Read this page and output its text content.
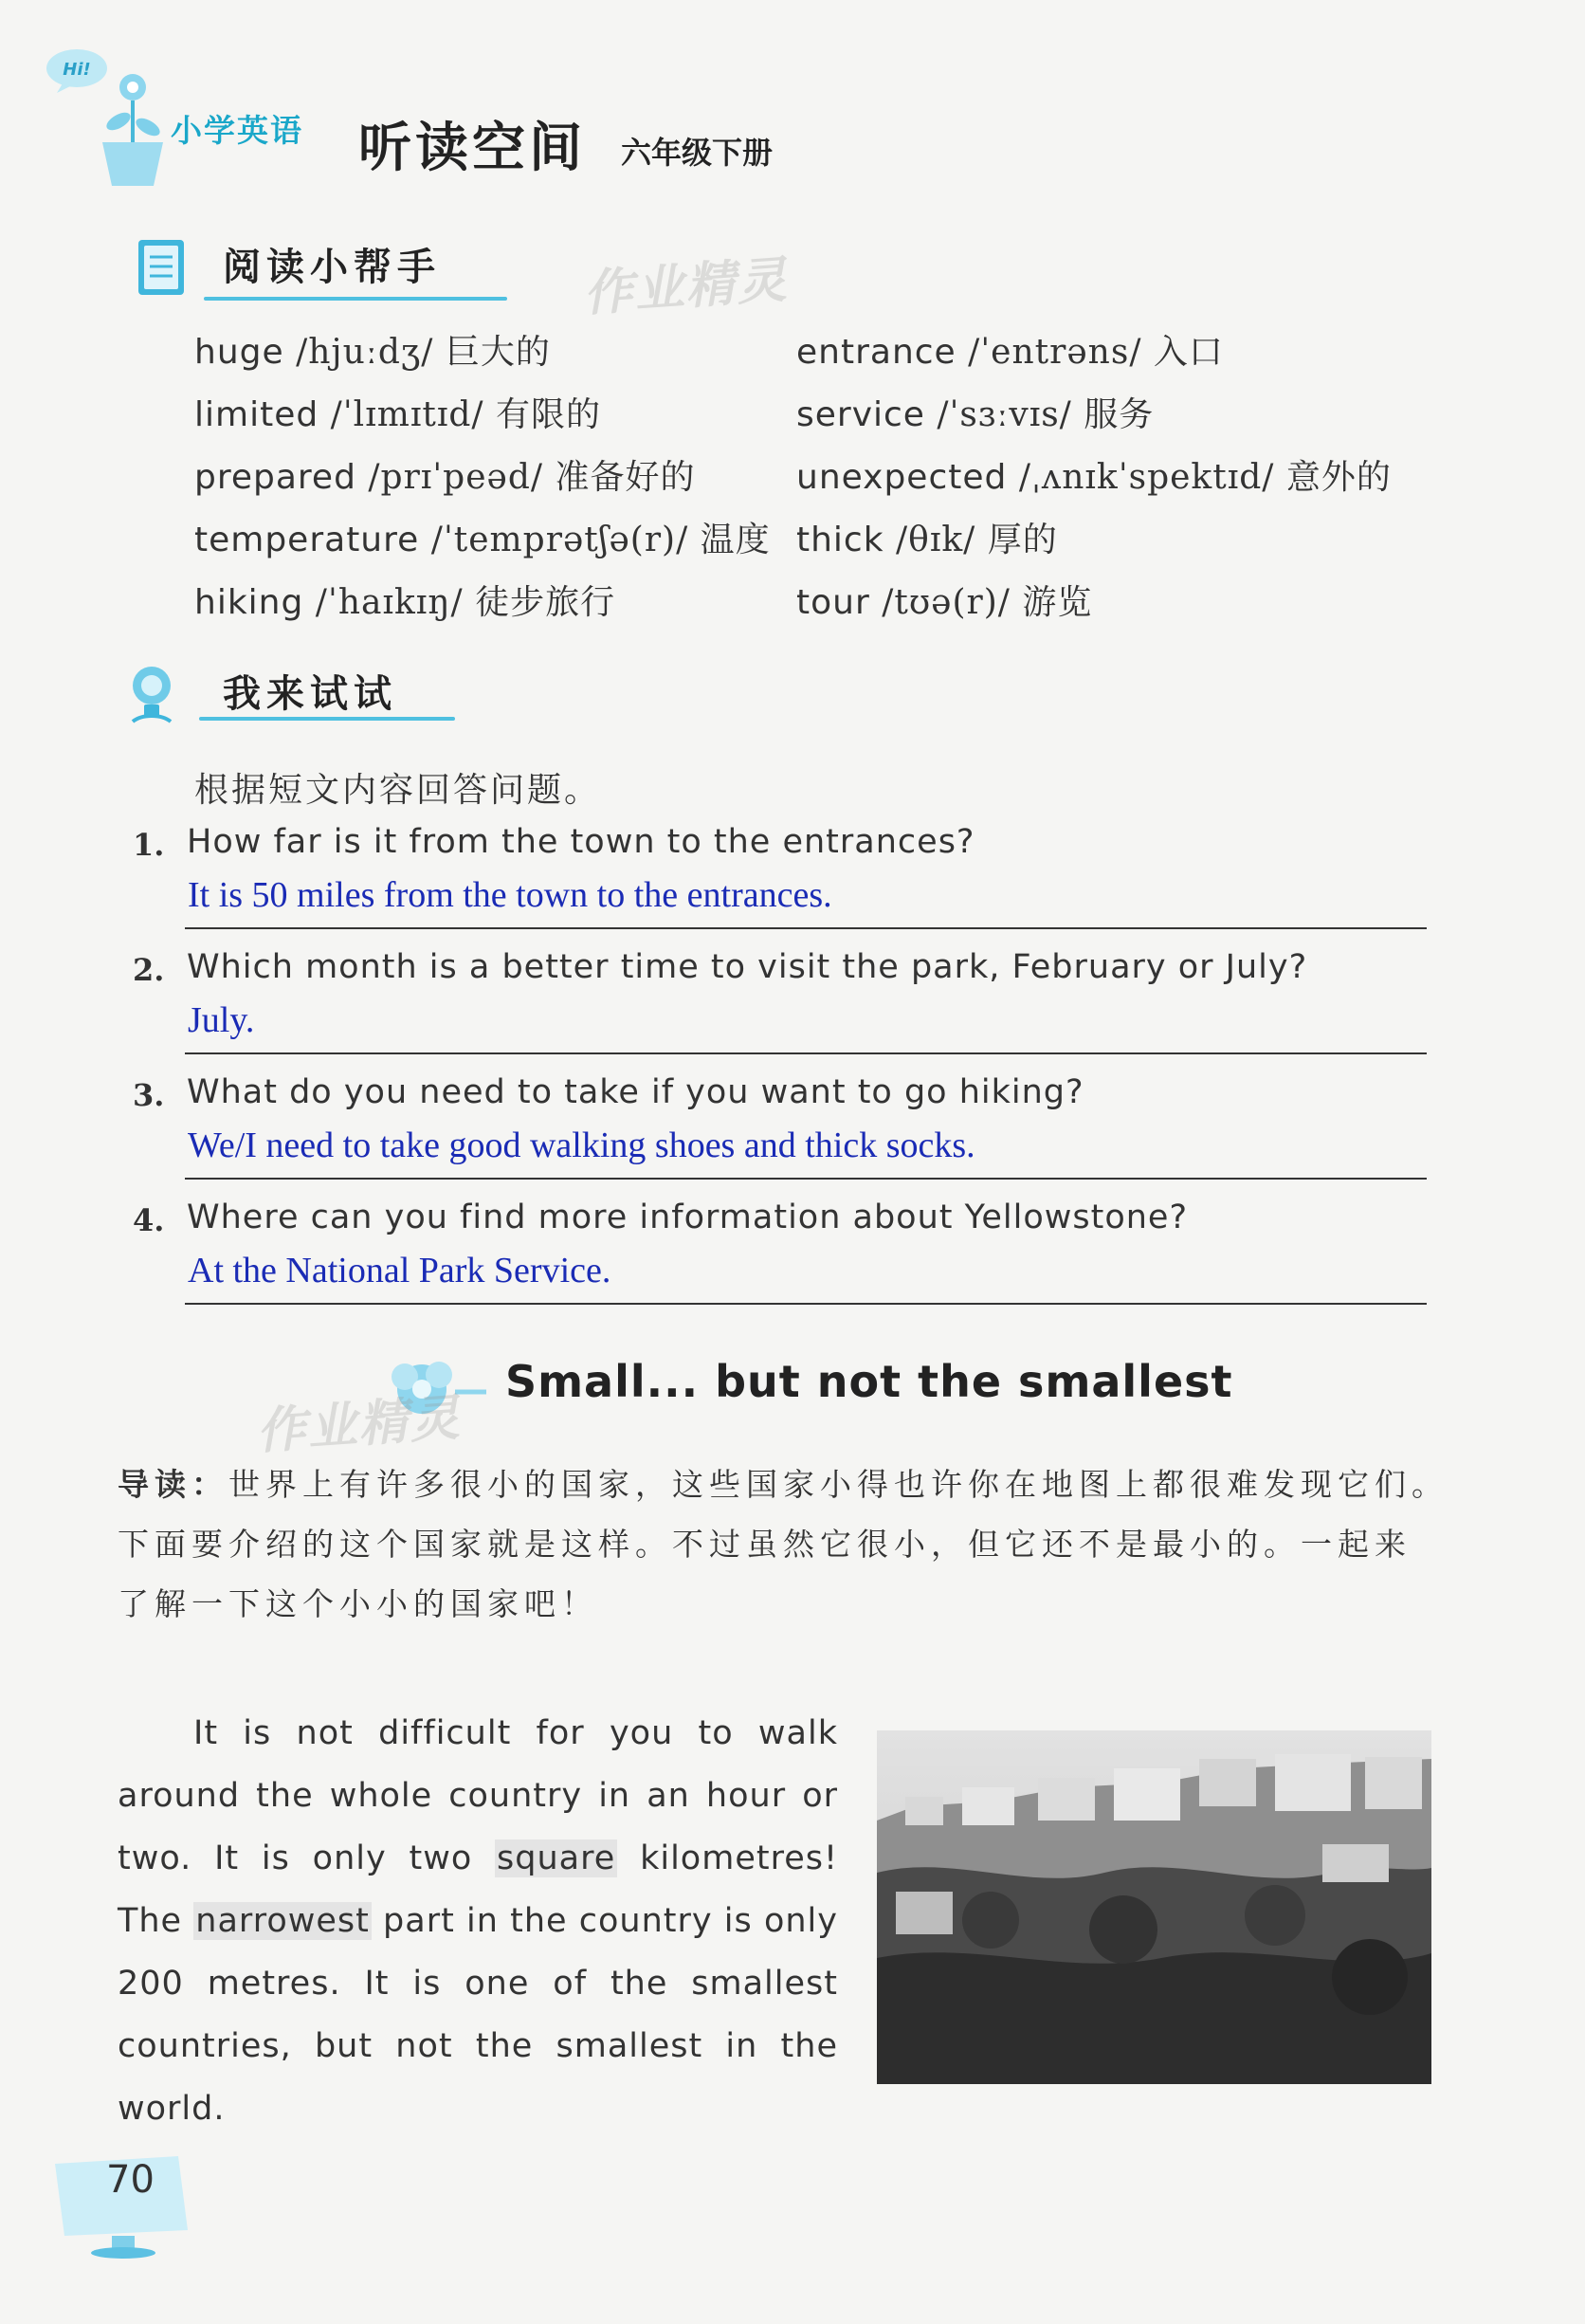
Hi!
小学英语 听读空间 六年级下册
阅读小帮手	作业精灵
huge /hjuːdʒ/ 巨大的
limited /ˈlɪmɪtɪd/ 有限的
prepared /prɪˈpeəd/ 准备好的
temperature /ˈtemprətʃə(r)/ 温度
hiking /ˈhaɪkɪŋ/ 徒步旅行
entrance /ˈentrəns/ 入口
service /ˈsɜːvɪs/ 服务
unexpected /ˌʌnɪkˈspektɪd/ 意外的
thick /θɪk/ 厚的
tour /tʊə(r)/ 游览
我来试试
根据短文内容回答问题。
1. How far is it from the town to the entrances?
It is 50 miles from the town to the entrances.
2. Which month is a better time to visit the park, February or July?
July.
3. What do you need to take if you want to go hiking?
We/I need to take good walking shoes and thick socks.
4. Where can you find more information about Yellowstone?
At the National Park Service.
作业精灵
Small... but not the smallest
导读：世界上有许多很小的国家，这些国家小得也许你在地图上都很难发现它们。
下面要介绍的这个国家就是这样。不过虽然它很小，但它还不是最小的。一起来
了解一下这个小小的国家吧！

It is not difficult for you to walk around the whole country in an hour or two. It is only two square kilometres! The narrowest part in the country is only 200 metres. It is one of the smallest countries, but not the smallest in the world.

70
